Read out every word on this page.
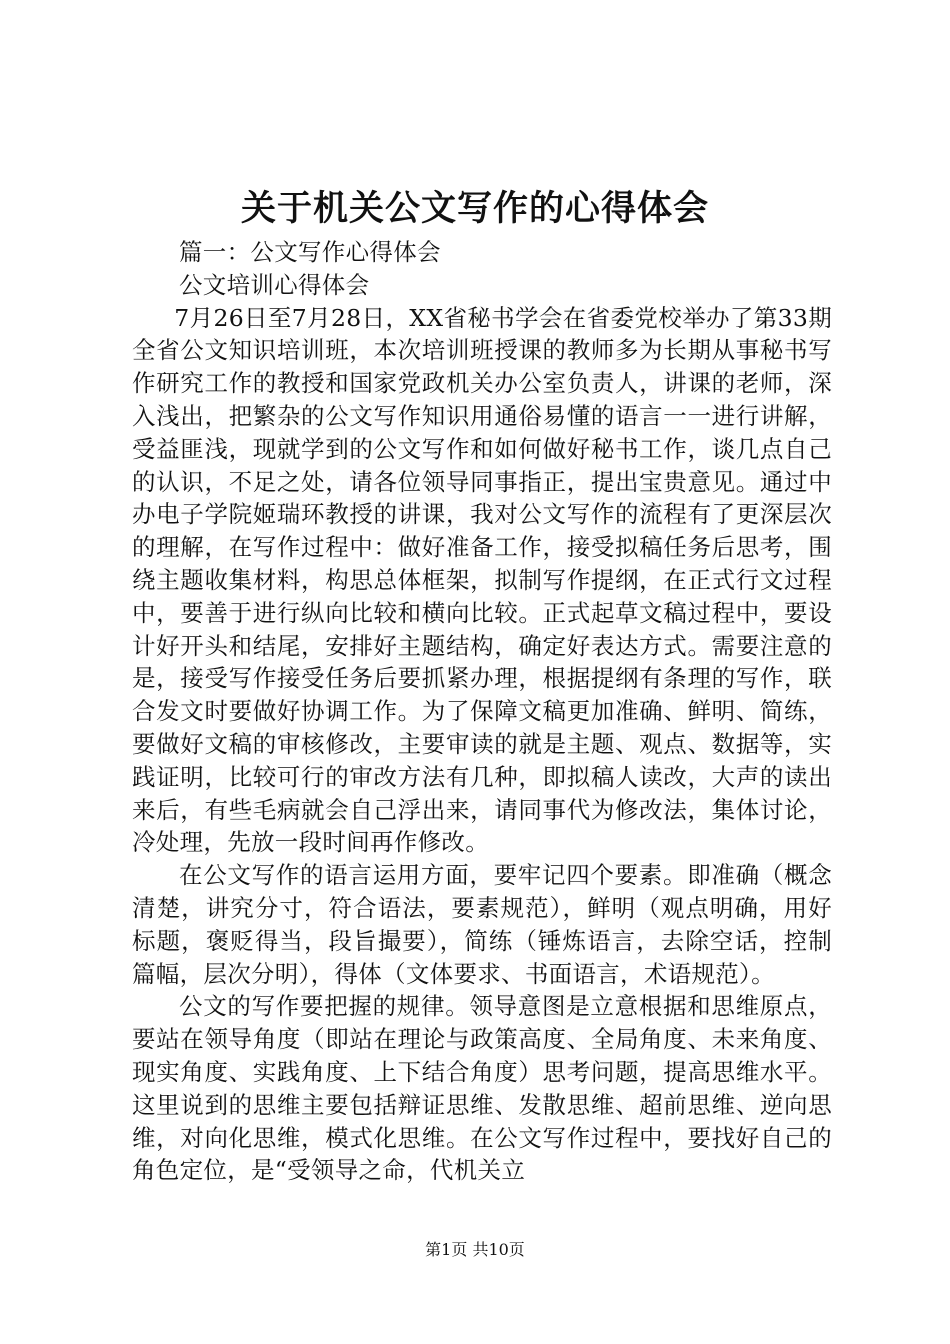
关于机关公文写作的心得体会

篇一：公文写作心得体会

公文培训心得体会

7月26日至7月28日，XX省秘书学会在省委党校举办了第33期全省公文知识培训班，本次培训班授课的教师多为长期从事秘书写作研究工作的教授和国家党政机关办公室负责人，讲课的老师，深入浅出，把繁杂的公文写作知识用通俗易懂的语言一一进行讲解，受益匪浅，现就学到的公文写作和如何做好秘书工作，谈几点自己的认识，不足之处，请各位领导同事指正，提出宝贵意见。通过中办电子学院姬瑞环教授的讲课，我对公文写作的流程有了更深层次的理解，在写作过程中：做好准备工作，接受拟稿任务后思考，围绕主题收集材料，构思总体框架，拟制写作提纲，在正式行文过程中，要善于进行纵向比较和横向比较。正式起草文稿过程中，要设计好开头和结尾，安排好主题结构，确定好表达方式。需要注意的是，接受写作接受任务后要抓紧办理，根据提纲有条理的写作，联合发文时要做好协调工作。为了保障文稿更加准确、鲜明、简练，要做好文稿的审核修改，主要审读的就是主题、观点、数据等，实践证明，比较可行的审改方法有几种，即拟稿人读改，大声的读出来后，有些毛病就会自己浮出来，请同事代为修改法，集体讨论，冷处理，先放一段时间再作修改。

在公文写作的语言运用方面，要牢记四个要素。即准确（概念清楚，讲究分寸，符合语法，要素规范），鲜明（观点明确，用好标题，褒贬得当，段旨撮要），简练（锤炼语言，去除空话，控制篇幅，层次分明），得体（文体要求、书面语言，术语规范）。

公文的写作要把握的规律。领导意图是立意根据和思维原点，要站在领导角度（即站在理论与政策高度、全局角度、未来角度、现实角度、实践角度、上下结合角度）思考问题，提高思维水平。这里说到的思维主要包括辩证思维、发散思维、超前思维、逆向思维，对向化思维，模式化思维。在公文写作过程中，要找好自己的角色定位，是“受领导之命，代机关立

第1页 共10页
